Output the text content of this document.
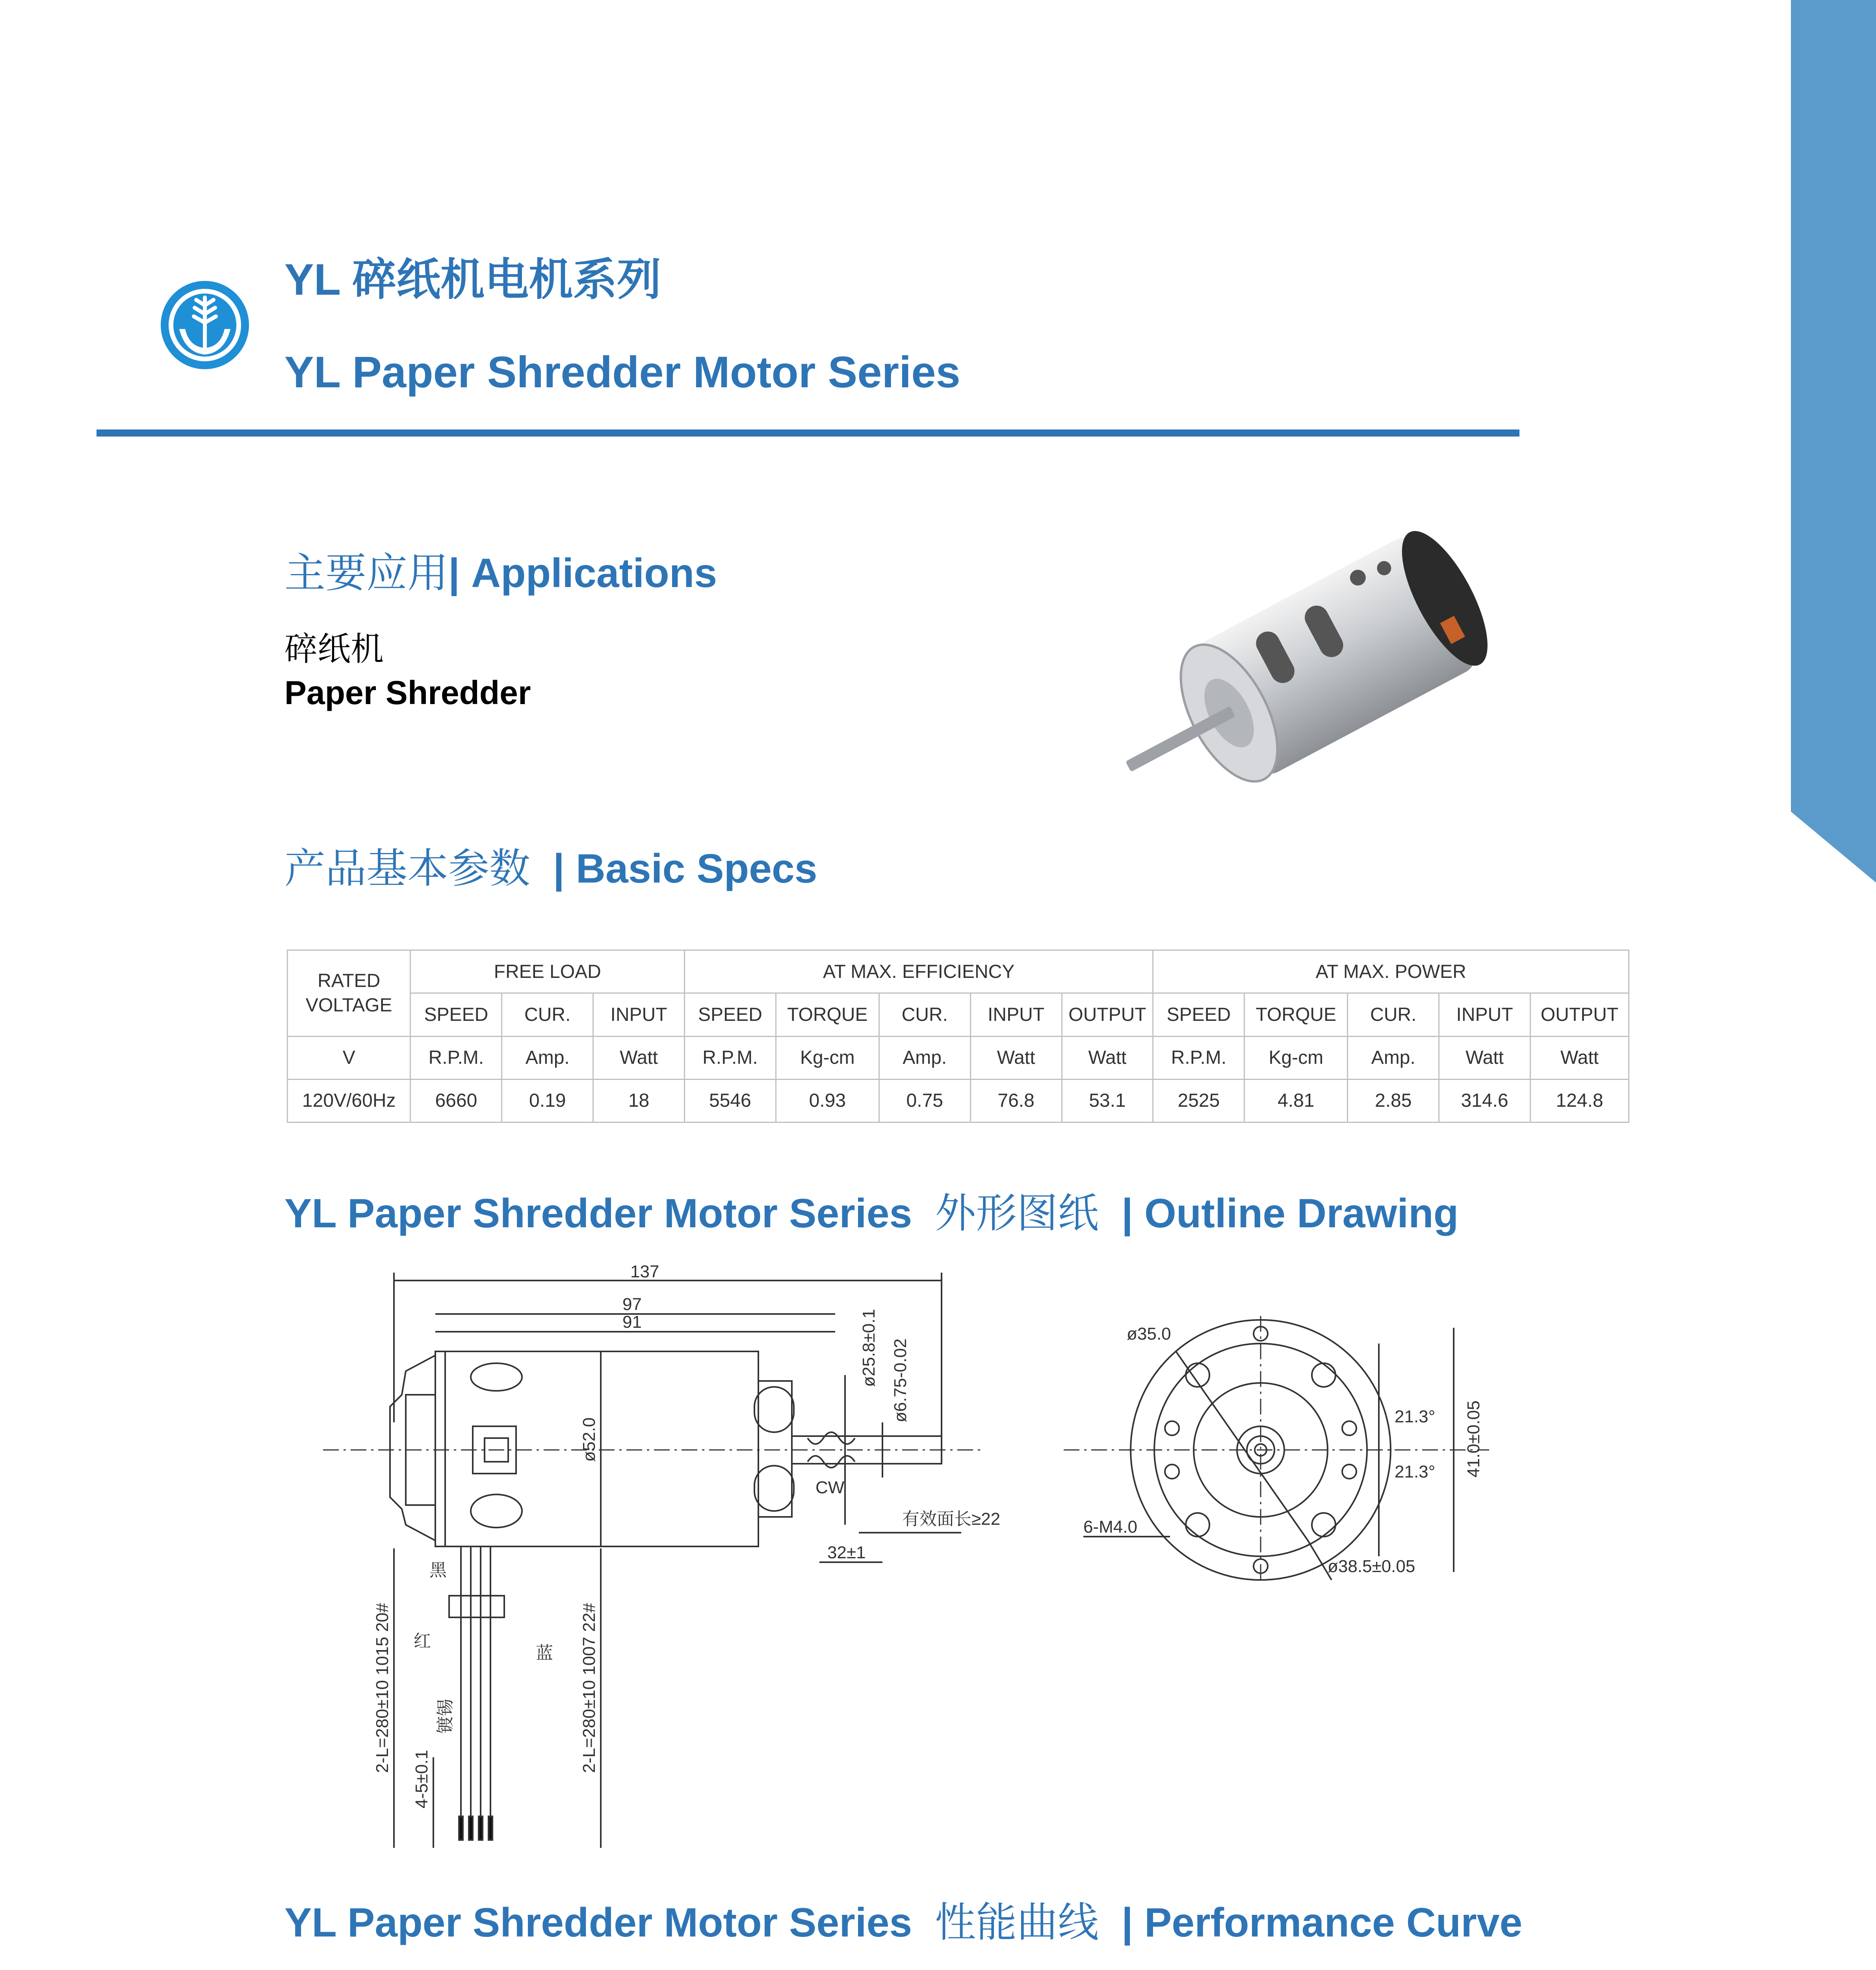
YL 碎纸机电机系列
YL Paper Shredder Motor Series
主要应用| Applications
碎纸机
Paper Shredder
产品基本参数 | Basic Specs
RATED
VOLTAGE	FREE LOAD			AT MAX. EFFICIENCY					AT MAX. POWER				
	SPEED	CUR.	INPUT	SPEED	TORQUE	CUR.	INPUT	OUTPUT	SPEED	TORQUE	CUR.	INPUT	OUTPUT
V	R.P.M.	Amp.	Watt	R.P.M.	Kg-cm	Amp.	Watt	Watt	R.P.M.	Kg-cm	Amp.	Watt	Watt
120V/60Hz	6660	0.19	18	5546	0.93	0.75	76.8	53.1	2525	4.81	2.85	314.6	124.8
YL Paper Shredder Motor Series 外形图纸 | Outline Drawing
137
97
91
CW
有效面长≥22
32±1
ø35.0
21.3°
21.3°
6-M4.0
ø38.5±0.05
黑
红
蓝
ø52.0
ø25.8±0.1 ø6.75-0.02
41.0±0.05
2-L=280±10 1015 20#	2-L=280±10 1007 22#
4-5±0.1
镀锡
YL Paper Shredder Motor Series 性能曲线 | Performance Curve
